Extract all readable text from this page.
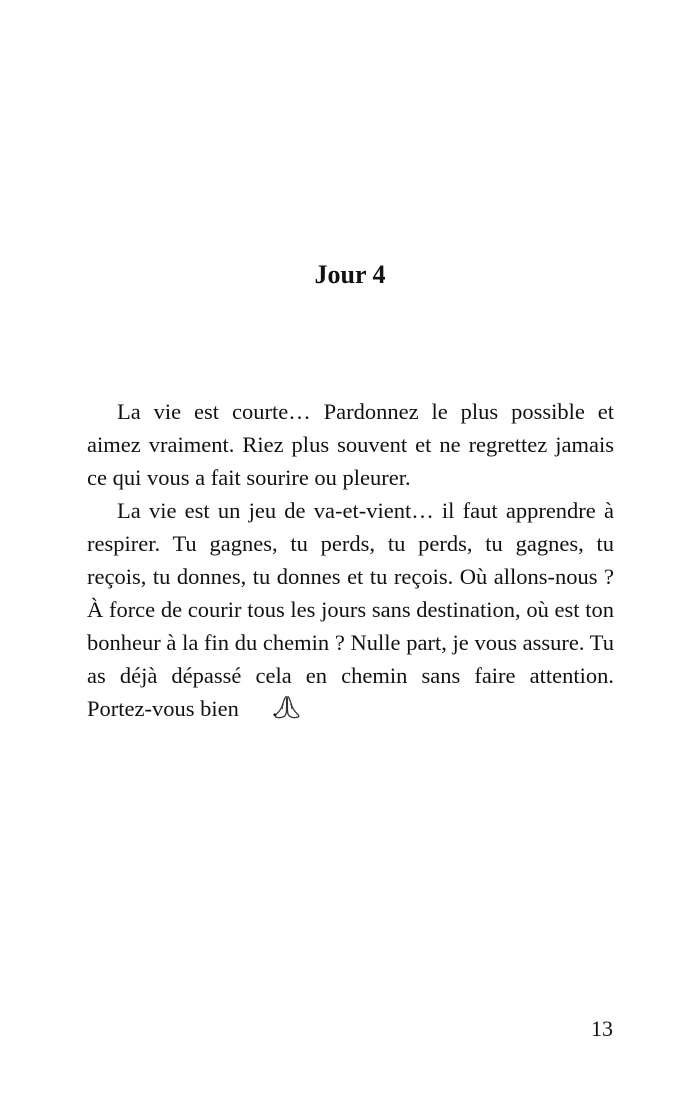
Jour 4

La vie est courte… Pardonnez le plus possible et aimez vraiment. Riez plus souvent et ne regrettez jamais ce qui vous a fait sourire ou pleurer.

La vie est un jeu de va-et-vient… il faut apprendre à respirer. Tu gagnes, tu perds, tu perds, tu gagnes, tu reçois, tu donnes, tu donnes et tu reçois. Où allons-nous ? À force de courir tous les jours sans destination, où est ton bonheur à la fin du chemin ? Nulle part, je vous assure. Tu as déjà dépassé cela en chemin sans faire attention. Portez-vous bien .

13
